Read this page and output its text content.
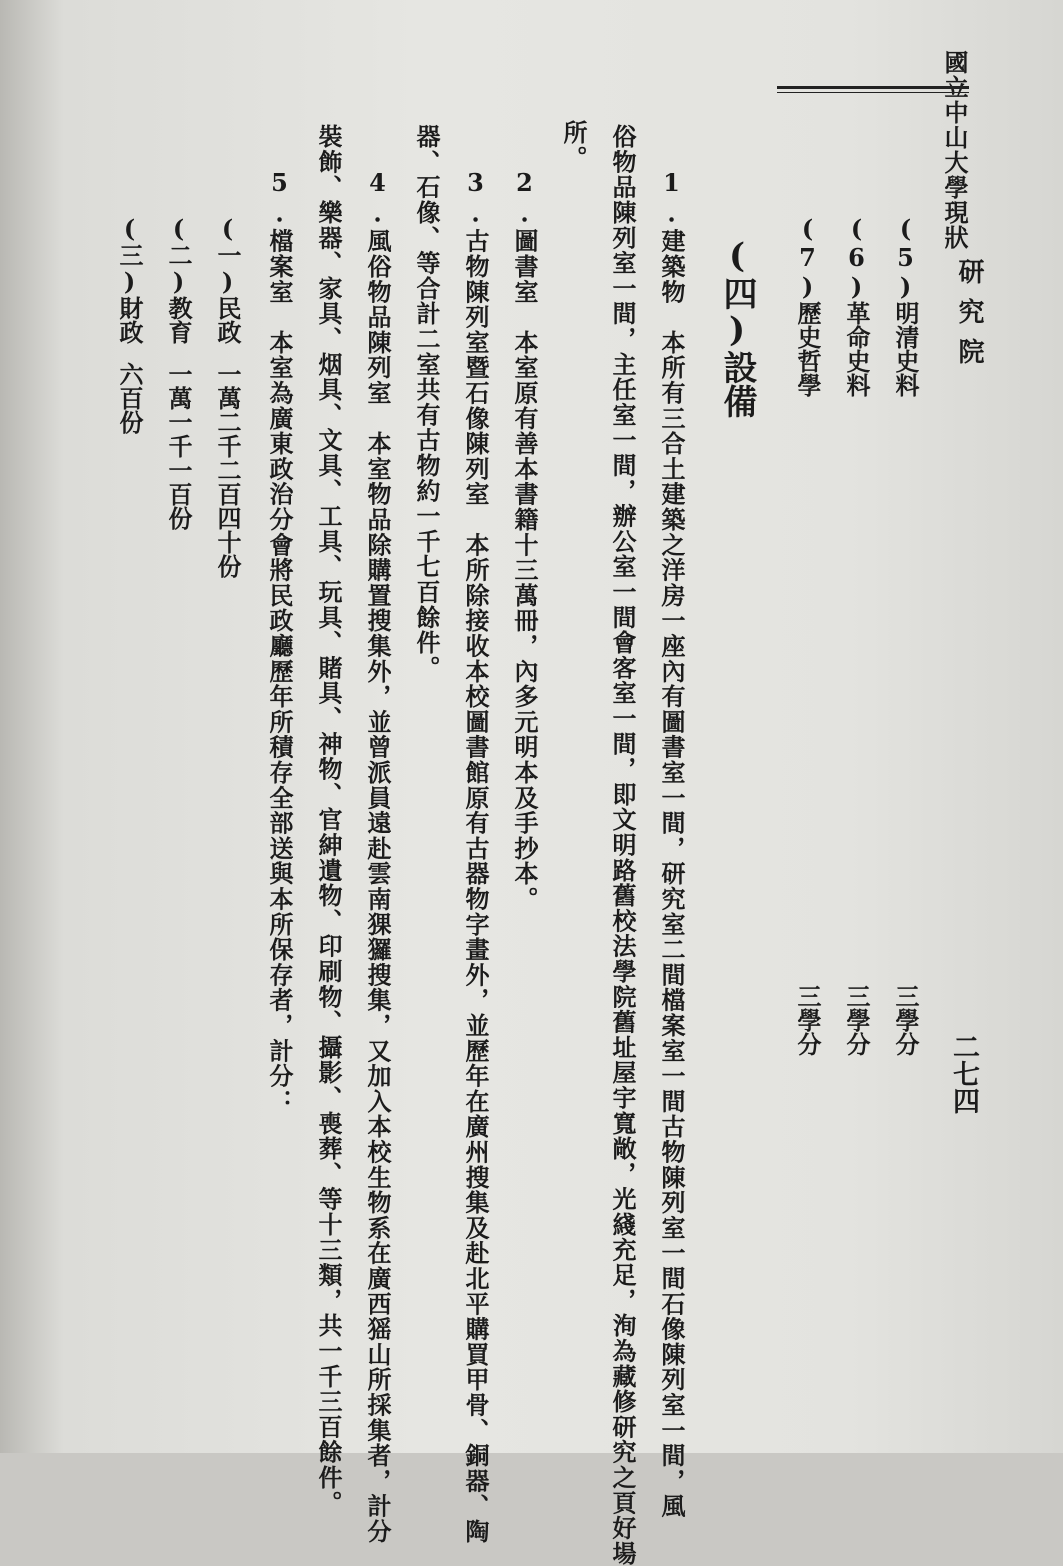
國立中山大學現狀
研究院
二七四
(5)明清史料
三學分
(6)革命史料
三學分
(7)歷史哲學
三學分
(四)設備
1.建築物　本所有三合土建築之洋房一座內有圖書室一間，研究室二間檔案室一間古物陳列室一間石像陳列室一間，風
俗物品陳列室一間，主任室一間，辦公室一間會客室一間，即文明路舊校法學院舊址屋宇寬敞，光綫充足，洵為藏修研究之頁好場
所。
2.圖書室　本室原有善本書籍十三萬冊，內多元明本及手抄本。
3.古物陳列室暨石像陳列室　本所除接收本校圖書館原有古器物字畫外，並歷年在廣州搜集及赴北平購買甲骨、銅器、陶
器、石像、等合計二室共有古物約一千七百餘件。
4.風俗物品陳列室　本室物品除購置搜集外，並曾派員遠赴雲南猓玀搜集，又加入本校生物系在廣西猺山所採集者，計分
裝飾、樂器、家具、烟具、文具、工具、玩具、賭具、神物、官紳遺物、印刷物、攝影、喪葬、等十三類，共一千三百餘件。
5.檔案室　本室為廣東政治分會將民政廳歷年所積存全部送與本所保存者，計分：
(一)民政
一萬二千二百四十份
(二)教育
一萬一千一百份
(三)財政
六百份
